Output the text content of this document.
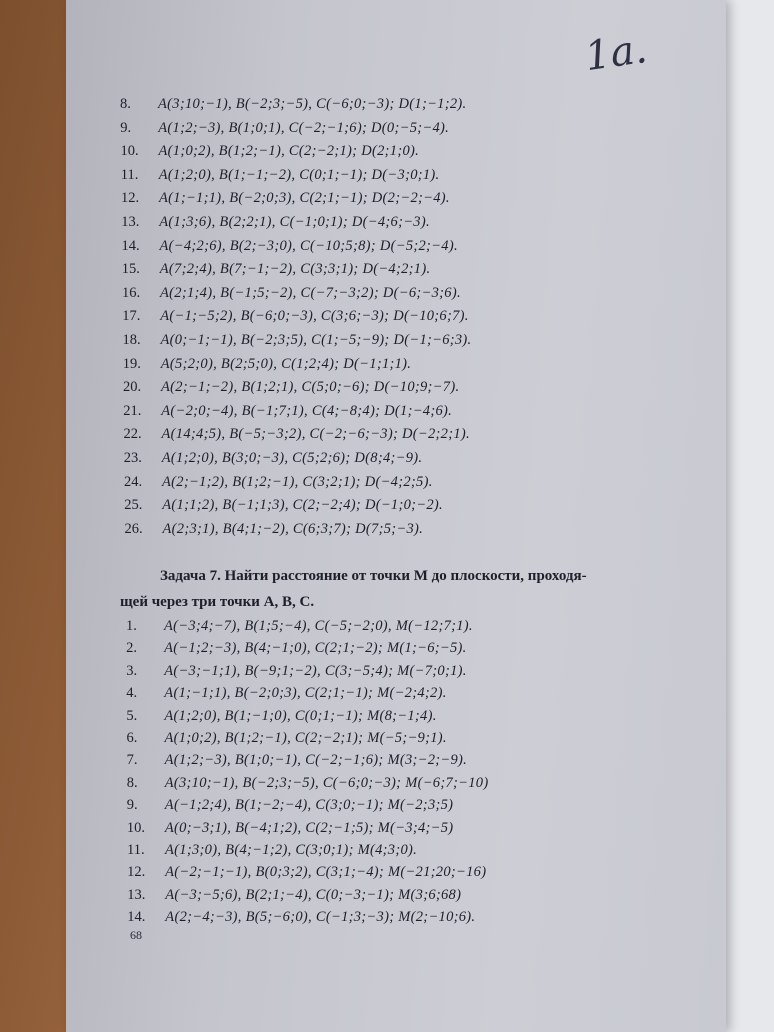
1а.
8. A(3;10;−1), B(−2;3;−5), C(−6;0;−3); D(1;−1;2).
9. A(1;2;−3), B(1;0;1), C(−2;−1;6); D(0;−5;−4).
10. A(1;0;2), B(1;2;−1), C(2;−2;1); D(2;1;0).
11. A(1;2;0), B(1;−1;−2), C(0;1;−1); D(−3;0;1).
12. A(1;−1;1), B(−2;0;3), C(2;1;−1); D(2;−2;−4).
13. A(1;3;6), B(2;2;1), C(−1;0;1); D(−4;6;−3).
14. A(−4;2;6), B(2;−3;0), C(−10;5;8); D(−5;2;−4).
15. A(7;2;4), B(7;−1;−2), C(3;3;1); D(−4;2;1).
16. A(2;1;4), B(−1;5;−2), C(−7;−3;2); D(−6;−3;6).
17. A(−1;−5;2), B(−6;0;−3), C(3;6;−3); D(−10;6;7).
18. A(0;−1;−1), B(−2;3;5), C(1;−5;−9); D(−1;−6;3).
19. A(5;2;0), B(2;5;0), C(1;2;4); D(−1;1;1).
20. A(2;−1;−2), B(1;2;1), C(5;0;−6); D(−10;9;−7).
21. A(−2;0;−4), B(−1;7;1), C(4;−8;4); D(1;−4;6).
22. A(14;4;5), B(−5;−3;2), C(−2;−6;−3); D(−2;2;1).
23. A(1;2;0), B(3;0;−3), C(5;2;6); D(8;4;−9).
24. A(2;−1;2), B(1;2;−1), C(3;2;1); D(−4;2;5).
25. A(1;1;2), B(−1;1;3), C(2;−2;4); D(−1;0;−2).
26. A(2;3;1), B(4;1;−2), C(6;3;7); D(7;5;−3).
Задача 7. Найти расстояние от точки M до плоскости, проходя-
щей через три точки A, B, C.
1. A(−3;4;−7), B(1;5;−4), C(−5;−2;0), M(−12;7;1).
2. A(−1;2;−3), B(4;−1;0), C(2;1;−2); M(1;−6;−5).
3. A(−3;−1;1), B(−9;1;−2), C(3;−5;4); M(−7;0;1).
4. A(1;−1;1), B(−2;0;3), C(2;1;−1); M(−2;4;2).
5. A(1;2;0), B(1;−1;0), C(0;1;−1); M(8;−1;4).
6. A(1;0;2), B(1;2;−1), C(2;−2;1); M(−5;−9;1).
7. A(1;2;−3), B(1;0;−1), C(−2;−1;6); M(3;−2;−9).
8. A(3;10;−1), B(−2;3;−5), C(−6;0;−3); M(−6;7;−10)
9. A(−1;2;4), B(1;−2;−4), C(3;0;−1); M(−2;3;5)
10. A(0;−3;1), B(−4;1;2), C(2;−1;5); M(−3;4;−5)
11. A(1;3;0), B(4;−1;2), C(3;0;1); M(4;3;0).
12. A(−2;−1;−1), B(0;3;2), C(3;1;−4); M(−21;20;−16)
13. A(−3;−5;6), B(2;1;−4), C(0;−3;−1); M(3;6;68)
14. A(2;−4;−3), B(5;−6;0), C(−1;3;−3); M(2;−10;6).
68
